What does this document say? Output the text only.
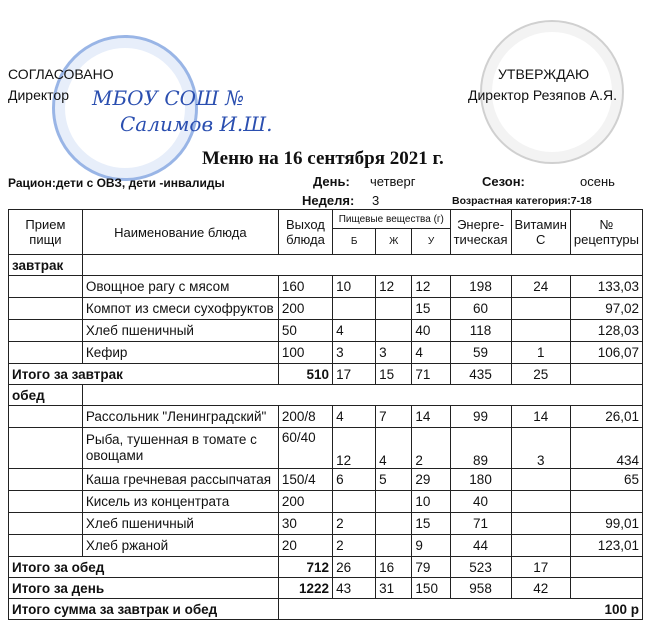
МБОУ СОШ №
Салимов И.Ш.
СОГЛАСОВАНО
Директор
УТВЕРЖДАЮ
Директор Резяпов А.Я.
Меню на 16 сентября 2021 г.
Рацион:дети с ОВЗ, дети -инвалиды	День: четверг	Сезон:	осень
Неделя: 3	Возрастная категория:7-18
Прием пищи	Наименование блюда	Выход блюда	Пищевые вещества (г)			Энерге-тическая	Витамин С	№ рецептуры
			Б	Ж	У			
завтрак								
	Овощное рагу с мясом	160	10	12	12	198	24	133,03
	Компот из смеси сухофруктов	200			15	60		97,02
	Хлеб пшеничный	50	4		40	118		128,03
	Кефир	100	3	3	4	59	1	106,07
Итого за завтрак		510	17	15	71	435	25	
обед								
	Рассольник "Ленинградский"	200/8	4	7	14	99	14	26,01
	Рыба, тушенная в томате с овощами	60/40	12	4	2	89	3	434
	Каша гречневая рассыпчатая	150/4	6	5	29	180		65
	Кисель из концентрата	200			10	40		
	Хлеб пшеничный	30	2		15	71		99,01
	Хлеб ржаной	20	2		9	44		123,01
Итого за обед		712	26	16	79	523	17	
Итого за день		1222	43	31	150	958	42	
Итого сумма за завтрак и обед		100 р						
